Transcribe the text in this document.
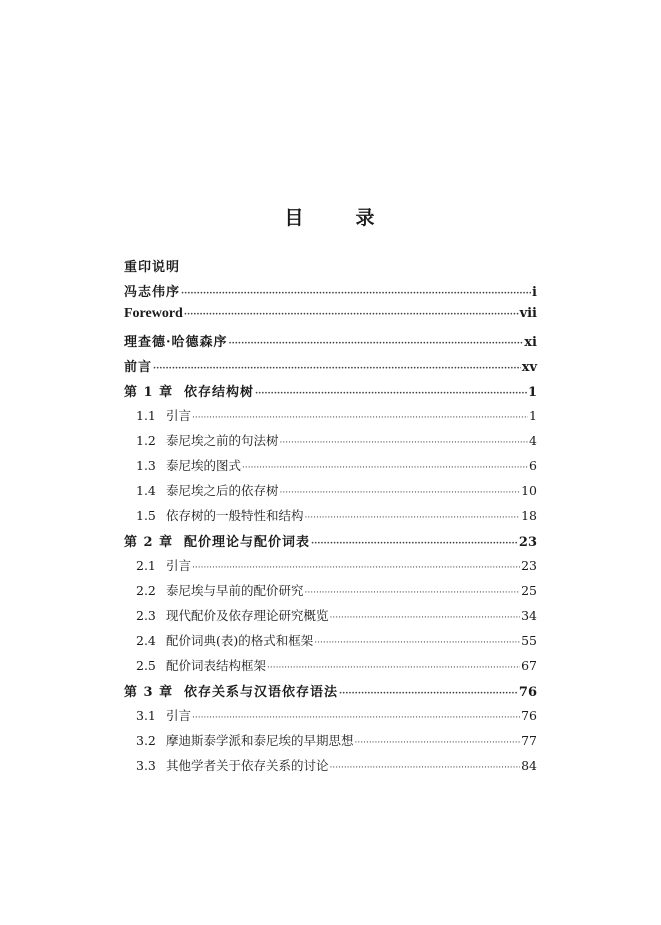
目	录
重印说明
冯志伟序 ·····	i
Foreword ·····	vii
理查德·哈德森序 ·····	xi
前言 ·····	xv
第 1 章 依存结构树 ·····	1
1.1 引言 ·····	1
1.2 泰尼埃之前的句法树 ·····	4
1.3 泰尼埃的图式 ·····	6
1.4 泰尼埃之后的依存树 ·····	10
1.5 依存树的一般特性和结构 ·····	18
第 2 章 配价理论与配价词表 ·····	23
2.1 引言 ·····	23
2.2 泰尼埃与早前的配价研究 ·····	25
2.3 现代配价及依存理论研究概览 ·····	34
2.4 配价词典(表)的格式和框架 ·····	55
2.5 配价词表结构框架 ·····	67
第 3 章 依存关系与汉语依存语法 ·····	76
3.1 引言 ·····	76
3.2 摩迪斯泰学派和泰尼埃的早期思想 ·····	77
3.3 其他学者关于依存关系的讨论 ·····	84
